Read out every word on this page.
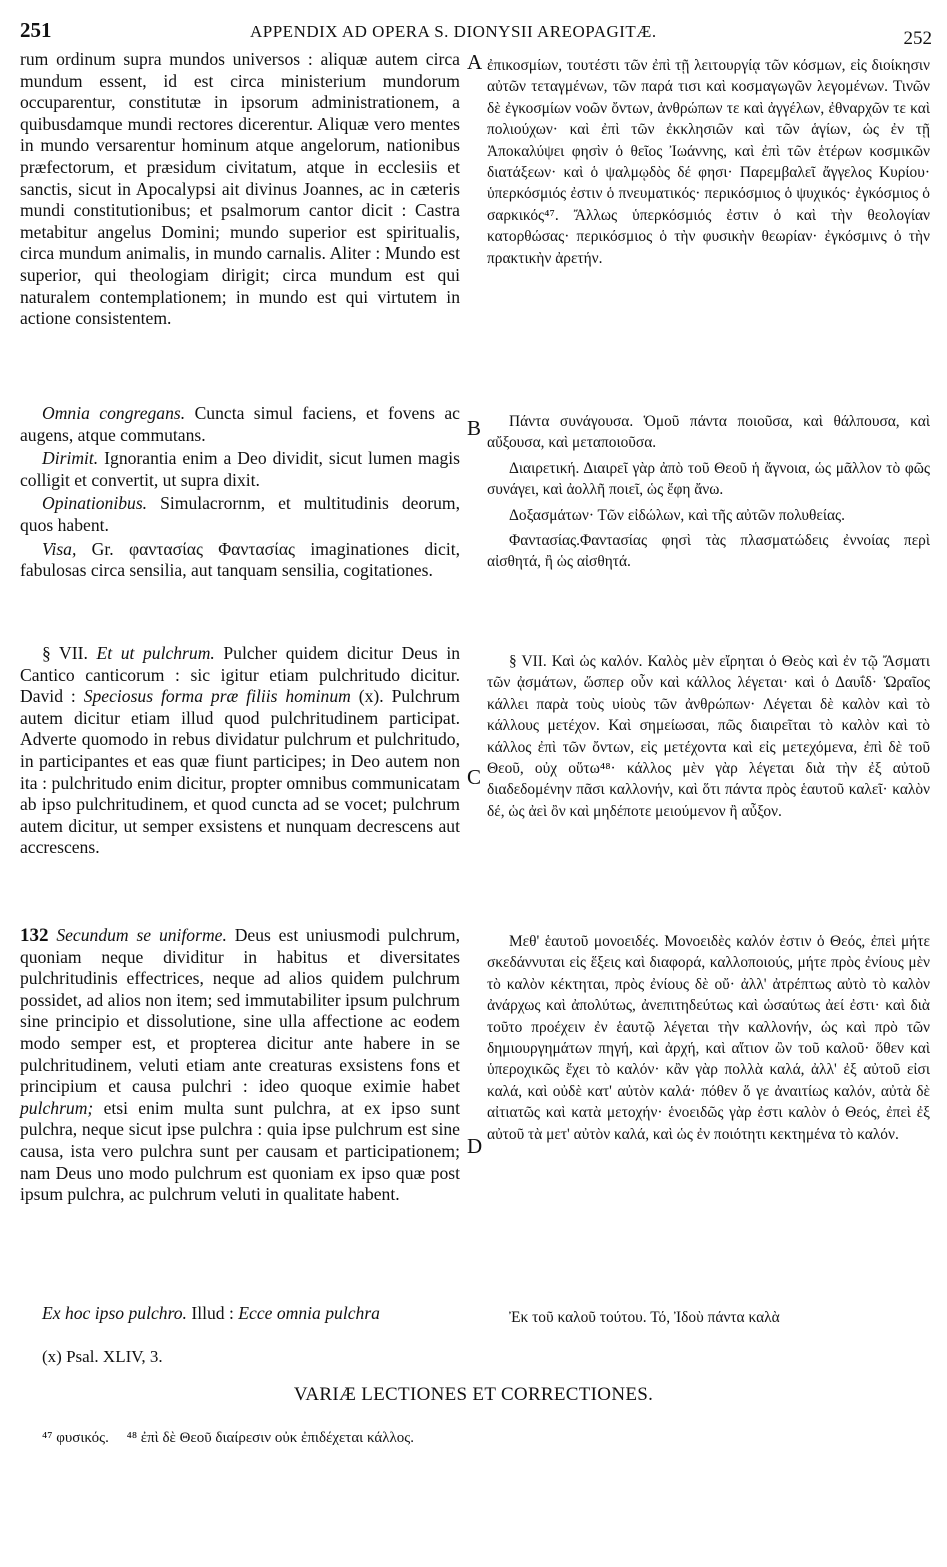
251	APPENDIX AD OPERA S. DIONYSII AREOPAGITÆ.	252

rum ordinum supra mundos universos : aliquæ autem circa mundum essent, id est circa ministerium mundorum occuparentur, constitutæ in ipsorum administrationem, a quibusdamque mundi rectores dicerentur. Aliquæ vero mentes in mundo versarentur hominum atque angelorum, nationibus præfectorum, et præsidum civitatum, atque in ecclesiis et sanctis, sicut in Apocalypsi ait divinus Joannes, ac in cæteris mundi constitutionibus; et psalmorum cantor dicit : Castra metabitur angelus Domini; mundo superior est spiritualis, circa mundum animalis, in mundo carnalis. Aliter : Mundo est superior, qui theologiam dirigit; circa mundum est qui naturalem contemplationem; in mundo est qui virtutem in actione consistentem.

Omnia congregans. Cuncta simul faciens, et fovens ac augens, atque commutans.

Dirimit. Ignorantia enim a Deo dividit, sicut lumen magis colligit et convertit, ut supra dixit.

Opinationibus. Simulacrornm, et multitudinis deorum, quos habent.

Visa, Gr. φαντασίας Φαντασίας imaginationes dicit, fabulosas circa sensilia, aut tanquam sensilia, cogitationes.

§ VII. Et ut pulchrum. Pulcher quidem dicitur Deus in Cantico canticorum : sic igitur etiam pulchritudo dicitur. David : Speciosus forma præ filiis hominum (x). Pulchrum autem dicitur etiam illud quod pulchritudinem participat. Adverte quomodo in rebus dividatur pulchrum et pulchritudo, in participantes et eas quæ fiunt participes; in Deo autem non ita : pulchritudo enim dicitur, propter omnibus communicatam ab ipso pulchritudinem, et quod cuncta ad se vocet; pulchrum autem dicitur, ut semper exsistens et nunquam decrescens aut accrescens.

132 Secundum se uniforme. Deus est uniusmodi pulchrum, quoniam neque dividitur in habitus et diversitates pulchritudinis effectrices, neque ad alios quidem pulchrum possidet, ad alios non item; sed immutabiliter ipsum pulchrum sine principio et dissolutione, sine ulla affectione ac eodem modo semper est, et propterea dicitur ante habere in se pulchritudinem, veluti etiam ante creaturas exsistens fons et principium et causa pulchri : ideo quoque eximie habet pulchrum; etsi enim multa sunt pulchra, at ex ipso sunt pulchra, neque sicut ipse pulchra : quia ipse pulchrum est sine causa, ista vero pulchra sunt per causam et participationem; nam Deus uno modo pulchrum est quoniam ex ipso quæ post ipsum pulchra, ac pulchrum veluti in qualitate habent.

Ex hoc ipso pulchro. Illud : Ecce omnia pulchra

A
B
C
D

ἐπικοσμίων, τουτέστι τῶν ἐπὶ τῇ λειτουργίᾳ τῶν κόσμων, εἰς διοίκησιν αὐτῶν τεταγμένων, τῶν παρά τισι καὶ κοσμαγωγῶν λεγομένων. Τινῶν δὲ ἐγκοσμίων νοῶν ὄντων, ἀνθρώπων τε καὶ ἀγγέλων, ἐθναρχῶν τε καὶ πολιούχων· καὶ ἐπὶ τῶν ἐκκλησιῶν καὶ τῶν ἁγίων, ὡς ἐν τῇ Ἀποκαλύψει φησὶν ὁ θεῖος Ἰωάννης, καὶ ἐπὶ τῶν ἑτέρων κοσμικῶν διατάξεων· καὶ ὁ ψαλμῳδὸς δέ φησι· Παρεμβαλεῖ ἄγγελος Κυρίου· ὑπερκόσμιός ἐστιν ὁ πνευματικός· περικόσμιος ὁ ψυχικός· ἐγκόσμιος ὁ σαρκικός⁴⁷. Ἄλλως ὑπερκόσμιός ἐστιν ὁ καὶ τὴν θεολογίαν κατορθώσας· περικόσμιος ὁ τὴν φυσικὴν θεωρίαν· ἐγκόσμινς ὁ τὴν πρακτικὴν ἀρετήν.

Πάντα συνάγουσα. Ὁμοῦ πάντα ποιοῦσα, καὶ θάλπουσα, καὶ αὔξουσα, καὶ μεταποιοῦσα.

Διαιρετική. Διαιρεῖ γὰρ ἀπὸ τοῦ Θεοῦ ἡ ἄγνοια, ὡς μᾶλλον τὸ φῶς συνάγει, καὶ ἀολλῆ ποιεῖ, ὡς ἔφη ἄνω.

Δοξασμάτων· Τῶν εἰδώλων, καὶ τῆς αὐτῶν πολυθείας.

Φαντασίας.Φαντασίας φησὶ τὰς πλασματώδεις ἐννοίας περὶ αἰσθητά, ἢ ὡς αἰσθητά.

§ VII. Καὶ ὡς καλόν. Καλὸς μὲν εἴρηται ὁ Θεὸς καὶ ἐν τῷ Ἄσματι τῶν ᾀσμάτων, ὥσπερ οὖν καὶ κάλλος λέγεται· καὶ ὁ Δαυΐδ· Ὡραῖος κάλλει παρὰ τοὺς υἱοὺς τῶν ἀνθρώπων· Λέγεται δὲ καλὸν καὶ τὸ κάλλους μετέχον. Καὶ σημείωσαι, πῶς διαιρεῖται τὸ καλὸν καὶ τὸ κάλλος ἐπὶ τῶν ὄντων, εἰς μετέχοντα καὶ εἰς μετεχόμενα, ἐπὶ δὲ τοῦ Θεοῦ, οὐχ οὕτω⁴⁸· κάλλος μὲν γὰρ λέγεται διὰ τὴν ἐξ αὐτοῦ διαδεδομένην πᾶσι καλλονήν, καὶ ὅτι πάντα πρὸς ἑαυτοῦ καλεῖ· καλὸν δέ, ὡς ἀεὶ ὂν καὶ μηδέποτε μειούμενον ἢ αὖξον.

Μεθ' ἑαυτοῦ μονοειδές. Μονοειδὲς καλόν ἐστιν ὁ Θεός, ἐπεὶ μήτε σκεδάννυται εἰς ἕξεις καὶ διαφορά, καλλοποιούς, μήτε πρὸς ἐνίους μὲν τὸ καλὸν κέκτηται, πρὸς ἐνίους δὲ οὔ· ἀλλ' ἀτρέπτως αὐτὸ τὸ καλὸν ἀνάρχως καὶ ἀπολύτως, ἀνεπιτηδεύτως καὶ ὡσαύτως ἀεί ἐστι· καὶ διὰ τοῦτο προέχειν ἐν ἑαυτῷ λέγεται τὴν καλλονήν, ὡς καὶ πρὸ τῶν δημιουργημάτων πηγή, καὶ ἀρχή, καὶ αἴτιον ὢν τοῦ καλοῦ· ὅθεν καὶ ὑπεροχικῶς ἔχει τὸ καλόν· κἂν γὰρ πολλὰ καλά, ἀλλ' ἐξ αὐτοῦ εἰσι καλά, καὶ οὐδὲ κατ' αὐτὸν καλά· πόθεν ὅ γε ἀναιτίως καλόν, αὐτὰ δὲ αἰτιατῶς καὶ κατὰ μετοχήν· ἑνοειδῶς γὰρ ἐστι καλὸν ὁ Θεός, ἐπεὶ ἐξ αὐτοῦ τὰ μετ' αὐτὸν καλά, καὶ ὡς ἐν ποιότητι κεκτημένα τὸ καλόν.

Ἐκ τοῦ καλοῦ τούτου. Τό, Ἰδοὺ πάντα καλὰ

(x) Psal. XLIV, 3.
VARIÆ LECTIONES ET CORRECTIONES.
⁴⁷ φυσικός. ⁴⁸ ἐπὶ δὲ Θεοῦ διαίρεσιν οὐκ ἐπιδέχεται κάλλος.
